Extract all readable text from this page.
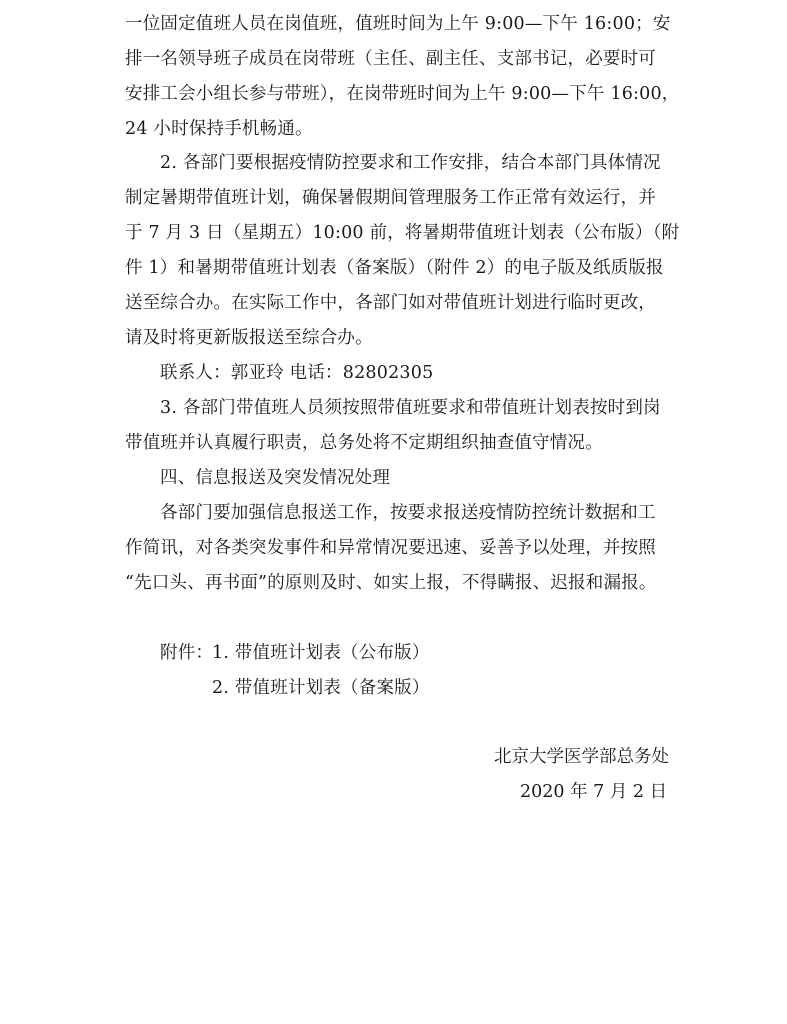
一位固定值班人员在岗值班，值班时间为上午 9:00—下午 16:00；安
排一名领导班子成员在岗带班（主任、副主任、支部书记，必要时可
安排工会小组长参与带班），在岗带班时间为上午 9:00—下午 16:00，
24 小时保持手机畅通。
2. 各部门要根据疫情防控要求和工作安排，结合本部门具体情况
制定暑期带值班计划，确保暑假期间管理服务工作正常有效运行，并
于 7 月 3 日（星期五）10:00 前，将暑期带值班计划表（公布版）（附
件 1）和暑期带值班计划表（备案版）（附件 2）的电子版及纸质版报
送至综合办。在实际工作中，各部门如对带值班计划进行临时更改，
请及时将更新版报送至综合办。
联系人：郭亚玲 电话：82802305
3. 各部门带值班人员须按照带值班要求和带值班计划表按时到岗
带值班并认真履行职责，总务处将不定期组织抽查值守情况。
四、信息报送及突发情况处理
各部门要加强信息报送工作，按要求报送疫情防控统计数据和工
作简讯，对各类突发事件和异常情况要迅速、妥善予以处理，并按照
“先口头、再书面”的原则及时、如实上报，不得瞒报、迟报和漏报。
附件：
1. 带值班计划表（公布版）
2. 带值班计划表（备案版）
北京大学医学部总务处
2020 年 7 月 2 日
